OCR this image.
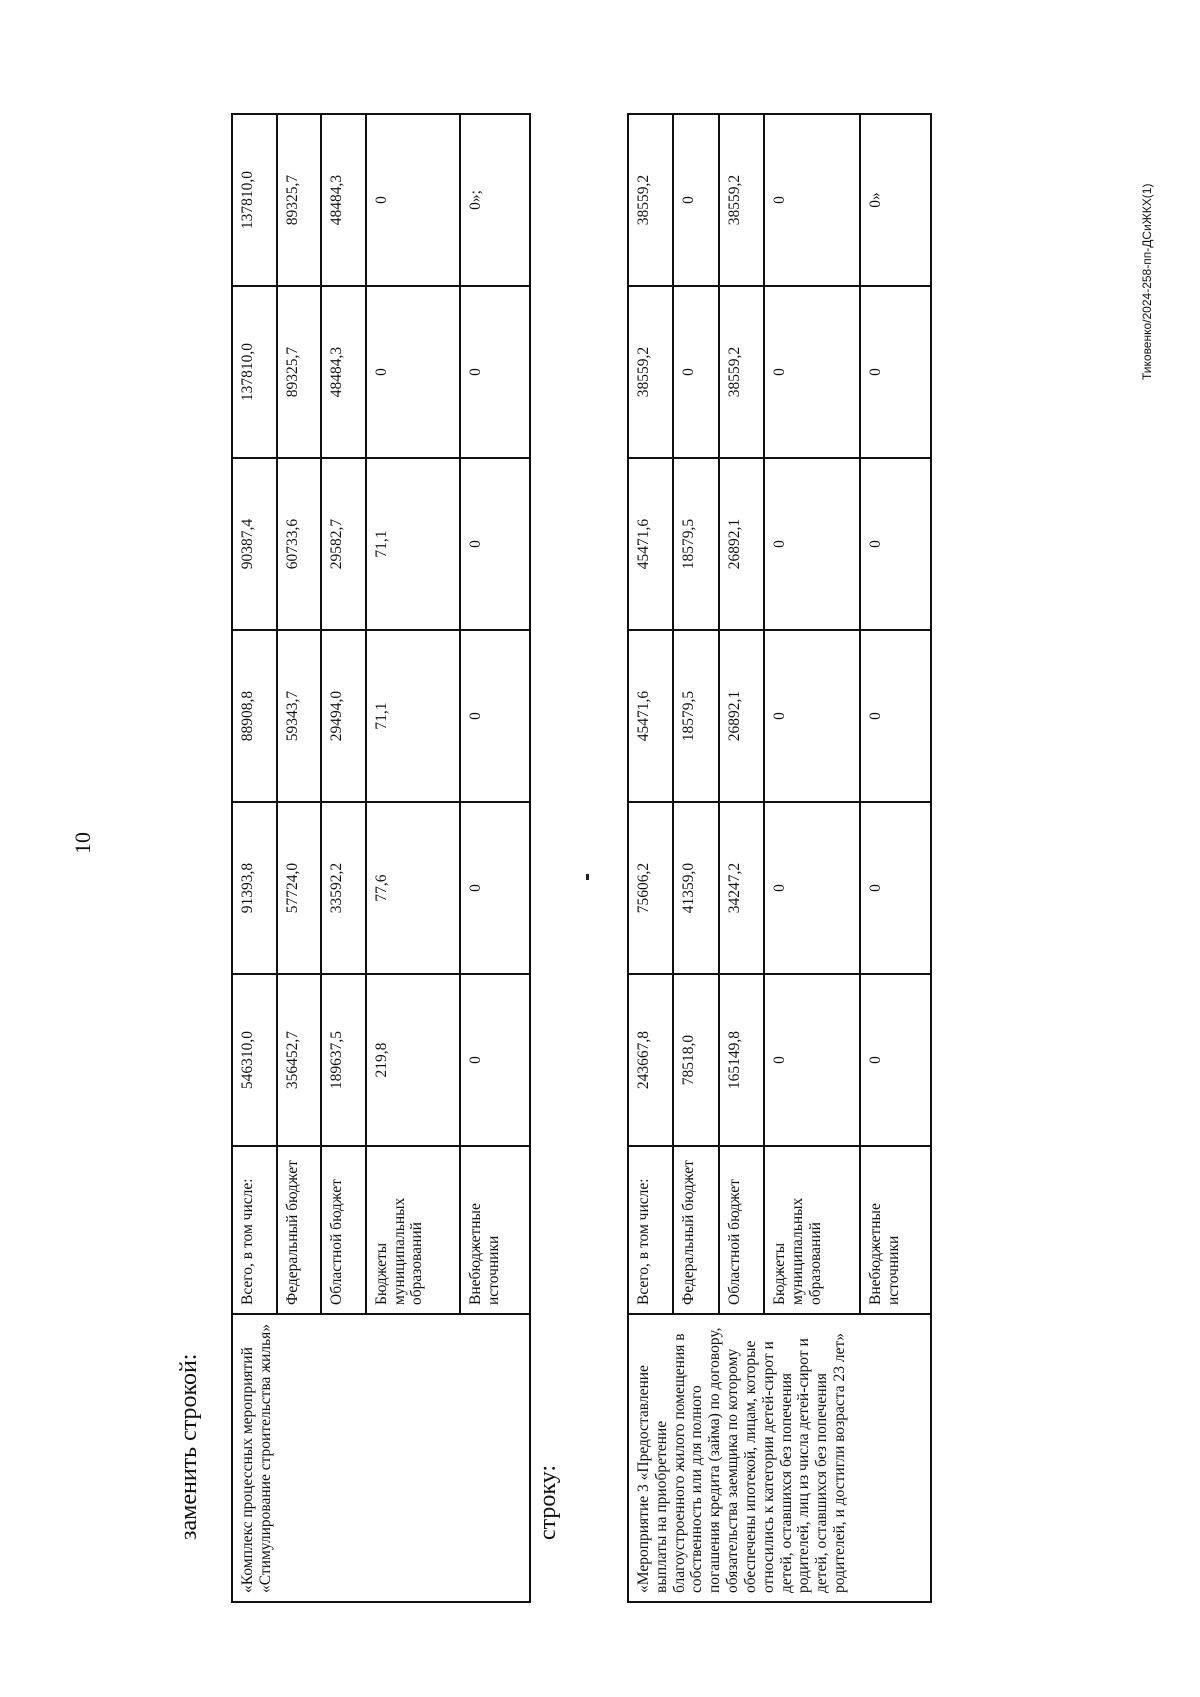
10
Тиковенко/2024-258-пп-ДСиЖКХ(1)
заменить строкой: «Комплекс процессных мероприятий «Стимулирование строительства жилья»	Всего, в том числе:	546310,0	91393,8	88908,8	90387,4	137810,0	137810,0
	Федеральный бюджет	356452,7	57724,0	59343,7	60733,6	89325,7	89325,7
	Областной бюджет	189637,5	33592,2	29494,0	29582,7	48484,3	48484,3
	Бюджеты муниципальных образований	219,8	77,6	71,1	71,1	0	0
	Внебюджетные источники	0	0	0	0	0	0»;
строку:	«Мероприятие 3 «Предоставление выплаты на приобретение благоустроенного жилого помещения в собственность или для полного погашения кредита (займа) по договору, обязательства заемщика по которому обеспечены ипотекой, лицам, которые относились к категории детей-сирот и детей, оставшихся без попечения родителей, лиц из числа детей-сирот и детей, оставшихся без попечения родителей, и достигли возраста 23 лет»	Всего, в том числе:	243667,8	75606,2	45471,6	45471,6	38559,2	38559,2
	Федеральный бюджет	78518,0	41359,0	18579,5	18579,5	0	0
	Областной бюджет	165149,8	34247,2	26892,1	26892,1	38559,2	38559,2
	Бюджеты муниципальных образований	0	0	0	0	0	0
	Внебюджетные источники	0	0	0	0	0	0»
